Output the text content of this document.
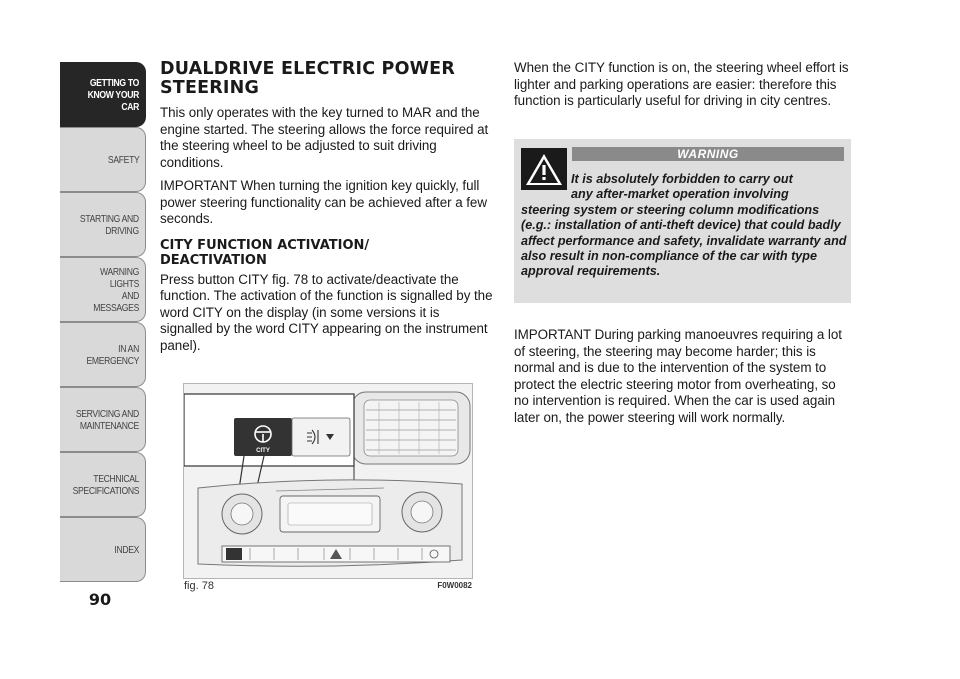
GETTING TO
KNOW YOUR CAR
SAFETY
STARTING AND
DRIVING
WARNING LIGHTS
AND MESSAGES
IN AN EMERGENCY
SERVICING AND
MAINTENANCE
TECHNICAL
SPECIFICATIONS
INDEX
90
DUALDRIVE ELECTRIC POWER
STEERING

This only operates with the key turned to MAR and the engine started. The steering allows the force required at the steering wheel to be adjusted to suit driving conditions.

IMPORTANT When turning the ignition key quickly, full power steering functionality can be achieved after a few seconds.

CITY FUNCTION ACTIVATION/
DEACTIVATION

Press button CITY fig. 78 to activate/deactivate the function. The activation of the function is signalled by the word CITY on the display (in some versions it is signalled by the word CITY appearing on the instrument panel).

CITY
fig. 78	F0W0082

When the CITY function is on, the steering wheel effort is lighter and parking operations are easier: therefore this function is particularly useful for driving in city centres.

WARNING
It is absolutely forbidden to carry out
any after-market operation involving
steering system or steering column modifications (e.g.: installation of anti-theft device) that could badly affect performance and safety, invalidate warranty and also result in non-compliance of the car with type approval requirements.

IMPORTANT During parking manoeuvres requiring a lot of steering, the steering may become harder; this is normal and is due to the intervention of the system to protect the electric steering motor from overheating, so no intervention is required. When the car is used again later on, the power steering will work normally.
